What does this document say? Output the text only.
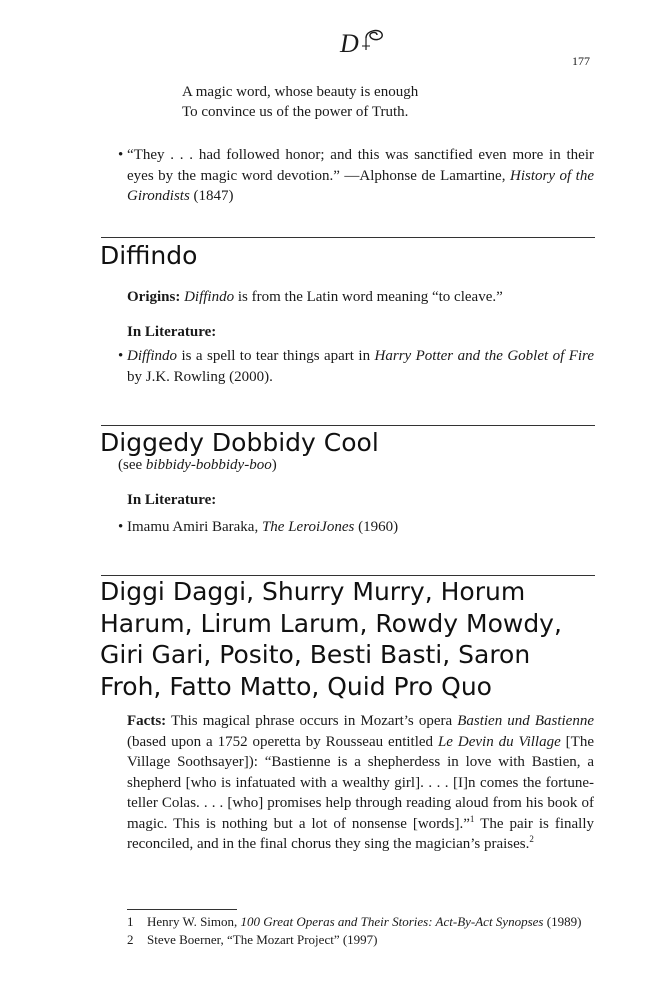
D
177
A magic word, whose beauty is enough
To convince us of the power of Truth.
• “They . . . had followed honor; and this was sanctified even more in their eyes by the magic word devotion.” —Alphonse de Lamartine, History of the Girondists (1847)
Diffindo
Origins: Diffindo is from the Latin word meaning “to cleave.”
In Literature:
• Diffindo is a spell to tear things apart in Harry Potter and the Goblet of Fire by J.K. Rowling (2000).
Diggedy Dobbidy Cool
(see bibbidy-bobbidy-boo)
In Literature:
• Imamu Amiri Baraka, The LeroiJones (1960)
Diggi Daggi, Shurry Murry, Horum
Harum, Lirum Larum, Rowdy Mowdy,
Giri Gari, Posito, Besti Basti, Saron
Froh, Fatto Matto, Quid Pro Quo
Facts: This magical phrase occurs in Mozart’s opera Bastien und Bastienne (based upon a 1752 operetta by Rousseau entitled Le Devin du Village [The Village Soothsayer]): “Bastienne is a shepherdess in love with Bastien, a shepherd [who is infatuated with a wealthy girl]. . . . [I]n comes the fortune-teller Colas. . . . [who] promises help through reading aloud from his book of magic. This is nothing but a lot of nonsense [words].”$^1$ The pair is finally reconciled, and in the final chorus they sing the magician’s praises.$^2$
1 Henry W. Simon, 100 Great Operas and Their Stories: Act-By-Act Synopses (1989)
2 Steve Boerner, “The Mozart Project” (1997)
